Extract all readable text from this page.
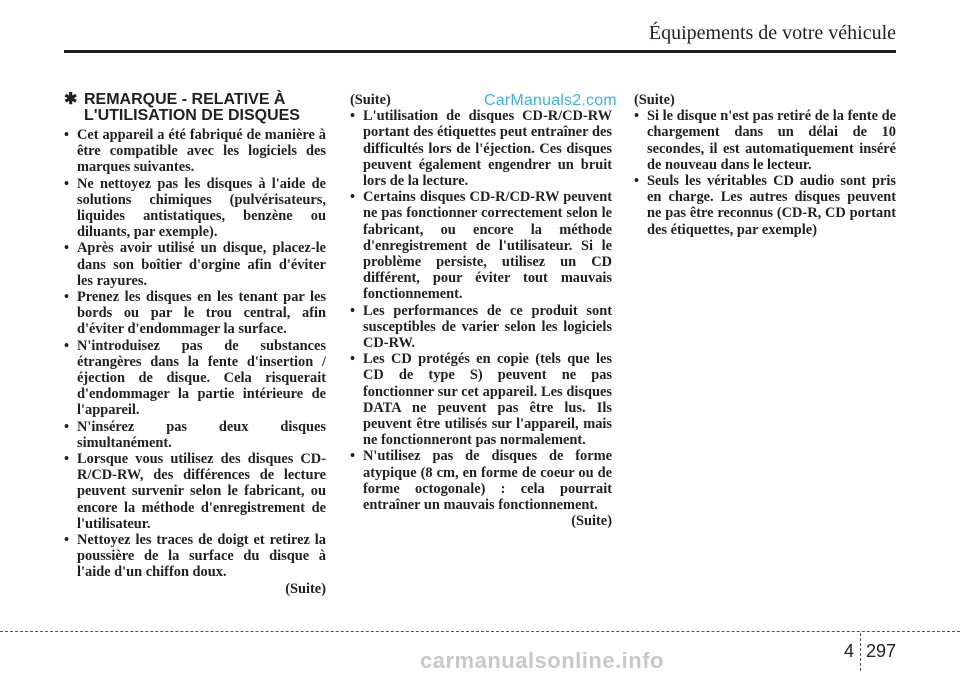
Équipements de votre véhicule
✱ REMARQUE - RELATIVE À L'UTILISATION DE DISQUES
• Cet appareil a été fabriqué de manière à être compatible avec les logiciels des marques suivantes.
• Ne nettoyez pas les disques à l'aide de solutions chimiques (pulvérisateurs, liquides antistatiques, benzène ou diluants, par exemple).
• Après avoir utilisé un disque, placez-le dans son boîtier d'orgine afin d'éviter les rayures.
• Prenez les disques en les tenant par les bords ou par le trou central, afin d'éviter d'endommager la surface.
• N'introduisez pas de substances étrangères dans la fente d'insertion / éjection de disque. Cela risquerait d'endommager la partie intérieure de l'appareil.
• N'insérez pas deux disques simultanément.
• Lorsque vous utilisez des disques CD-R/CD-RW, des différences de lecture peuvent survenir selon le fabricant, ou encore la méthode d'enregistrement de l'utilisateur.
• Nettoyez les traces de doigt et retirez la poussière de la surface du disque à l'aide d'un chiffon doux.
(Suite)
(Suite)
• L'utilisation de disques CD-R/CD-RW portant des étiquettes peut entraîner des difficultés lors de l'éjection. Ces disques peuvent également engendrer un bruit lors de la lecture.
• Certains disques CD-R/CD-RW peuvent ne pas fonctionner correctement selon le fabricant, ou encore la méthode d'enregistrement de l'utilisateur. Si le problème persiste, utilisez un CD différent, pour éviter tout mauvais fonctionnement.
• Les performances de ce produit sont susceptibles de varier selon les logiciels CD-RW.
• Les CD protégés en copie (tels que les CD de type S) peuvent ne pas fonctionner sur cet appareil. Les disques DATA ne peuvent pas être lus. Ils peuvent être utilisés sur l'appareil, mais ne fonctionneront pas normalement.
• N'utilisez pas de disques de forme atypique (8 cm, en forme de coeur ou de forme octogonale) : cela pourrait entraîner un mauvais fonctionnement.
(Suite)
CarManuals2.com (Suite)
• Si le disque n'est pas retiré de la fente de chargement dans un délai de 10 secondes, il est automatiquement inséré de nouveau dans le lecteur.
• Seuls les véritables CD audio sont pris en charge. Les autres disques peuvent ne pas être reconnus (CD-R, CD portant des étiquettes, par exemple)
4 297
carmanualsonline.info
